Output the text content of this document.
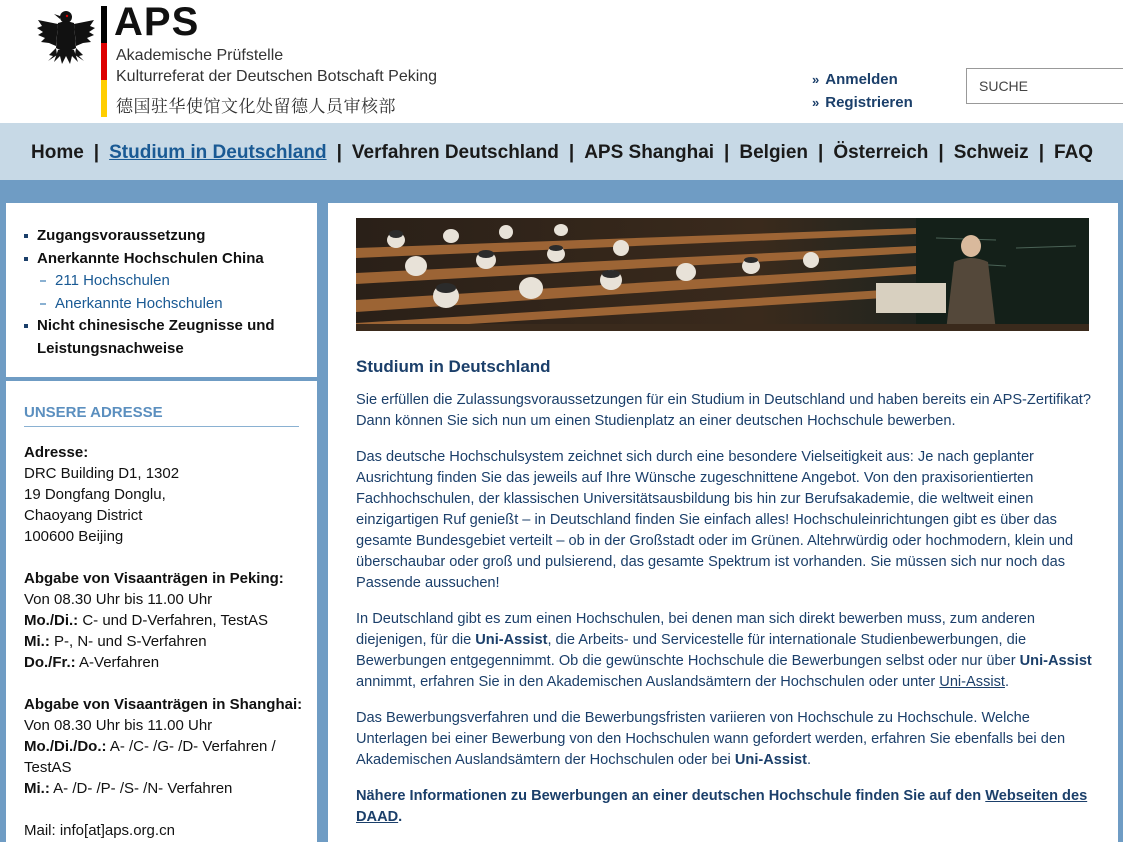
APS
Akademische Prüfstelle
Kulturreferat der Deutschen Botschaft Peking
德国驻华使馆文化处留德人员审核部
» Anmelden
» Registrieren
SUCHE
Home | Studium in Deutschland | Verfahren Deutschland | APS Shanghai | Belgien | Österreich | Schweiz | FAQ
Zugangsvoraussetzung
Anerkannte Hochschulen China
211 Hochschulen
Anerkannte Hochschulen
Nicht chinesische Zeugnisse und Leistungsnachweise
UNSERE ADRESSE

Adresse:
DRC Building D1, 1302
19 Dongfang Donglu,
Chaoyang District
100600 Beijing

Abgabe von Visaanträgen in Peking:
Von 08.30 Uhr bis 11.00 Uhr
Mo./Di.: C- und D-Verfahren, TestAS
Mi.: P-, N- und S-Verfahren
Do./Fr.: A-Verfahren

Abgabe von Visaanträgen in Shanghai:
Von 08.30 Uhr bis 11.00 Uhr
Mo./Di./Do.: A- /C- /G- /D- Verfahren / TestAS
Mi.: A- /D- /P- /S- /N- Verfahren

Mail: info[at]aps.org.cn

Studium in Deutschland

Sie erfüllen die Zulassungsvoraussetzungen für ein Studium in Deutschland und haben bereits ein APS-Zertifikat? Dann können Sie sich nun um einen Studienplatz an einer deutschen Hochschule bewerben.

Das deutsche Hochschulsystem zeichnet sich durch eine besondere Vielseitigkeit aus: Je nach geplanter Ausrichtung finden Sie das jeweils auf Ihre Wünsche zugeschnittene Angebot. Von den praxisorientierten Fachhochschulen, der klassischen Universitätsausbildung bis hin zur Berufsakademie, die weltweit einen einzigartigen Ruf genießt – in Deutschland finden Sie einfach alles! Hochschuleinrichtungen gibt es über das gesamte Bundesgebiet verteilt – ob in der Großstadt oder im Grünen. Altehrwürdig oder hochmodern, klein und überschaubar oder groß und pulsierend, das gesamte Spektrum ist vorhanden. Sie müssen sich nur noch das Passende aussuchen!

In Deutschland gibt es zum einen Hochschulen, bei denen man sich direkt bewerben muss, zum anderen diejenigen, für die Uni-Assist, die Arbeits- und Servicestelle für internationale Studienbewerbungen, die Bewerbungen entgegennimmt. Ob die gewünschte Hochschule die Bewerbungen selbst oder nur über Uni-Assist annimmt, erfahren Sie in den Akademischen Auslandsämtern der Hochschulen oder unter Uni-Assist.

Das Bewerbungsverfahren und die Bewerbungsfristen variieren von Hochschule zu Hochschule. Welche Unterlagen bei einer Bewerbung von den Hochschulen wann gefordert werden, erfahren Sie ebenfalls bei den Akademischen Auslandsämtern der Hochschulen oder bei Uni-Assist.

Nähere Informationen zu Bewerbungen an einer deutschen Hochschule finden Sie auf den Webseiten des DAAD.
